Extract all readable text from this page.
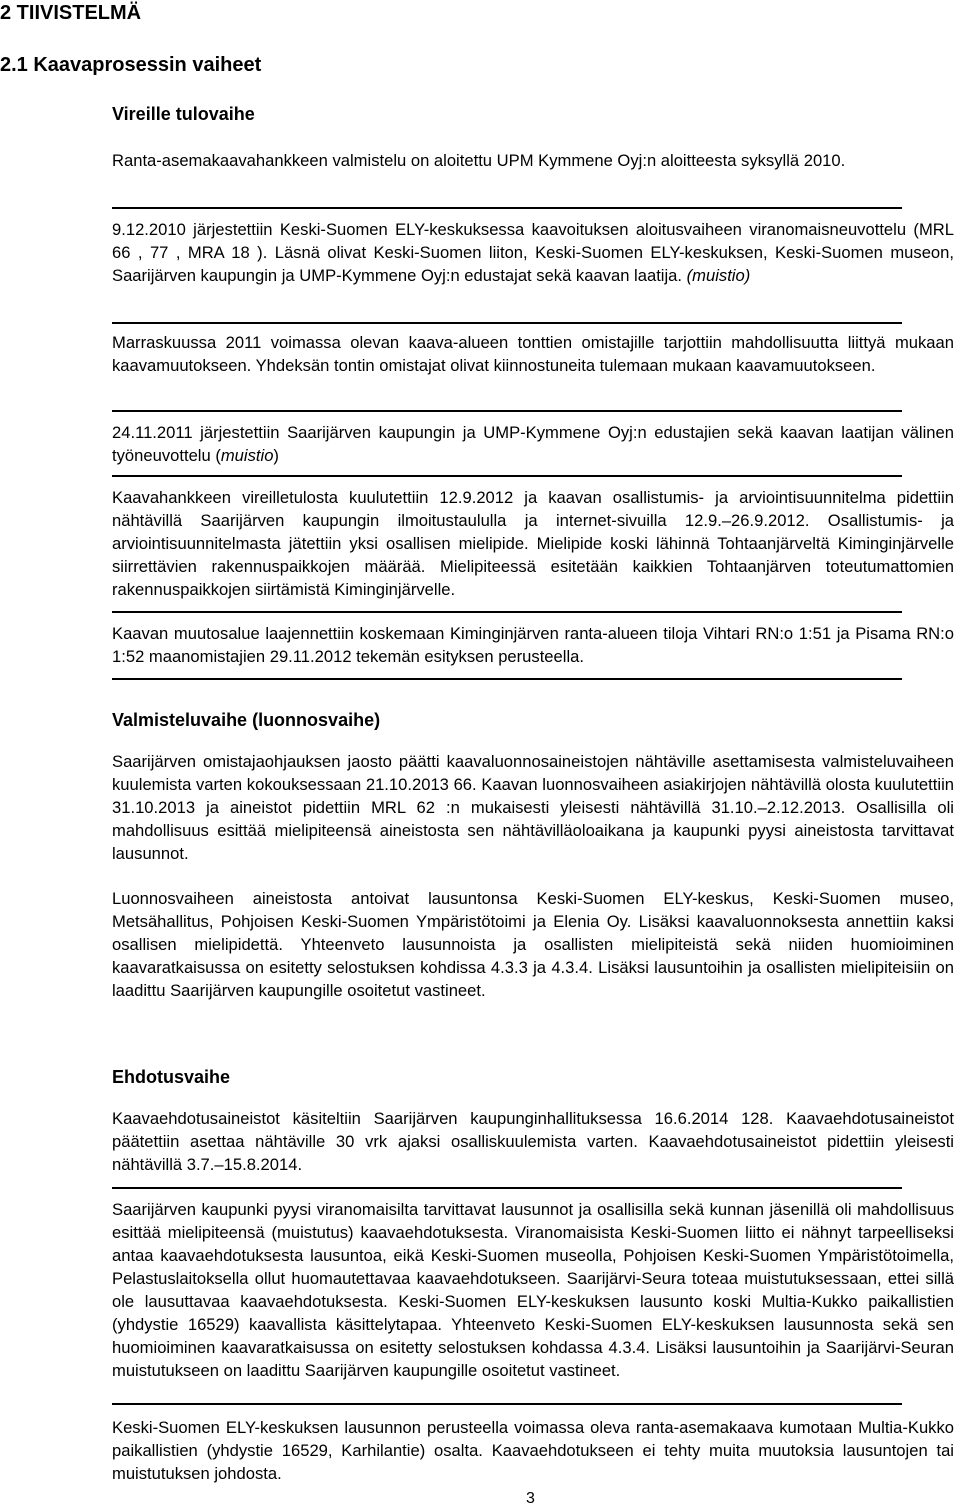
2 TIIVISTELMÄ
2.1 Kaavaprosessin vaiheet
Vireille tulovaihe
Ranta-asemakaavahankkeen valmistelu on aloitettu UPM Kymmene Oyj:n aloitteesta syksyllä 2010.
9.12.2010 järjestettiin Keski-Suomen ELY-keskuksessa kaavoituksen aloitusvaiheen viranomaisneuvottelu (MRL 66 , 77 , MRA 18 ). Läsnä olivat Keski-Suomen liiton, Keski-Suomen ELY-keskuksen, Keski-Suomen museon, Saarijärven kaupungin ja UMP-Kymmene Oyj:n edustajat sekä kaavan laatija. (muistio)
Marraskuussa 2011 voimassa olevan kaava-alueen tonttien omistajille tarjottiin mahdollisuutta liittyä mukaan kaavamuutokseen. Yhdeksän tontin omistajat olivat kiinnostuneita tulemaan mukaan kaavamuutokseen.
24.11.2011 järjestettiin Saarijärven kaupungin ja UMP-Kymmene Oyj:n edustajien sekä kaavan laatijan välinen työneuvottelu (muistio)
Kaavahankkeen vireilletulosta kuulutettiin 12.9.2012 ja kaavan osallistumis- ja arviointisuunnitelma pidettiin nähtävillä Saarijärven kaupungin ilmoitustaululla ja internet-sivuilla 12.9.–26.9.2012. Osallistumis- ja arviointisuunnitelmasta jätettiin yksi osallisen mielipide. Mielipide koski lähinnä Tohtaanjärveltä Kiminginjärvelle siirrettävien rakennuspaikkojen määrää. Mielipiteessä esitetään kaikkien Tohtaanjärven toteutumattomien rakennuspaikkojen siirtämistä Kiminginjärvelle.
Kaavan muutosalue laajennettiin koskemaan Kiminginjärven ranta-alueen tiloja Vihtari RN:o 1:51 ja Pisama RN:o 1:52 maanomistajien 29.11.2012 tekemän esityksen perusteella.
Valmisteluvaihe (luonnosvaihe)
Saarijärven omistajaohjauksen jaosto päätti kaavaluonnosaineistojen nähtäville asettamisesta valmisteluvaiheen kuulemista varten kokouksessaan 21.10.2013 66. Kaavan luonnosvaiheen asiakirjojen nähtävillä olosta kuulutettiin 31.10.2013 ja aineistot pidettiin MRL 62 :n mukaisesti yleisesti nähtävillä 31.10.–2.12.2013. Osallisilla oli mahdollisuus esittää mielipiteensä aineistosta sen nähtävilläoloaikana ja kaupunki pyysi aineistosta tarvittavat lausunnot.
Luonnosvaiheen aineistosta antoivat lausuntonsa Keski-Suomen ELY-keskus, Keski-Suomen museo, Metsähallitus, Pohjoisen Keski-Suomen Ympäristötoimi ja Elenia Oy. Lisäksi kaavaluonnoksesta annettiin kaksi osallisen mielipidettä. Yhteenveto lausunnoista ja osallisten mielipiteistä sekä niiden huomioiminen kaavaratkaisussa on esitetty selostuksen kohdissa 4.3.3 ja 4.3.4. Lisäksi lausuntoihin ja osallisten mielipiteisiin on laadittu Saarijärven kaupungille osoitetut vastineet.
Ehdotusvaihe
Kaavaehdotusaineistot käsiteltiin Saarijärven kaupunginhallituksessa 16.6.2014 128. Kaavaehdotusaineistot päätettiin asettaa nähtäville 30 vrk ajaksi osalliskuulemista varten. Kaavaehdotusaineistot pidettiin yleisesti nähtävillä 3.7.–15.8.2014.
Saarijärven kaupunki pyysi viranomaisilta tarvittavat lausunnot ja osallisilla sekä kunnan jäsenillä oli mahdollisuus esittää mielipiteensä (muistutus) kaavaehdotuksesta. Viranomaisista Keski-Suomen liitto ei nähnyt tarpeelliseksi antaa kaavaehdotuksesta lausuntoa, eikä Keski-Suomen museolla, Pohjoisen Keski-Suomen Ympäristötoimella, Pelastuslaitoksella ollut huomautettavaa kaavaehdotukseen. Saarijärvi-Seura toteaa muistutuksessaan, ettei sillä ole lausuttavaa kaavaehdotuksesta. Keski-Suomen ELY-keskuksen lausunto koski Multia-Kukko paikallistien (yhdystie 16529) kaavallista käsittelytapaa. Yhteenveto Keski-Suomen ELY-keskuksen lausunnosta sekä sen huomioiminen kaavaratkaisussa on esitetty selostuksen kohdassa 4.3.4. Lisäksi lausuntoihin ja Saarijärvi-Seuran muistutukseen on laadittu Saarijärven kaupungille osoitetut vastineet.
Keski-Suomen ELY-keskuksen lausunnon perusteella voimassa oleva ranta-asemakaava kumotaan Multia-Kukko paikallistien (yhdystie 16529, Karhilantie) osalta. Kaavaehdotukseen ei tehty muita muutoksia lausuntojen tai muistutuksen johdosta.
3
